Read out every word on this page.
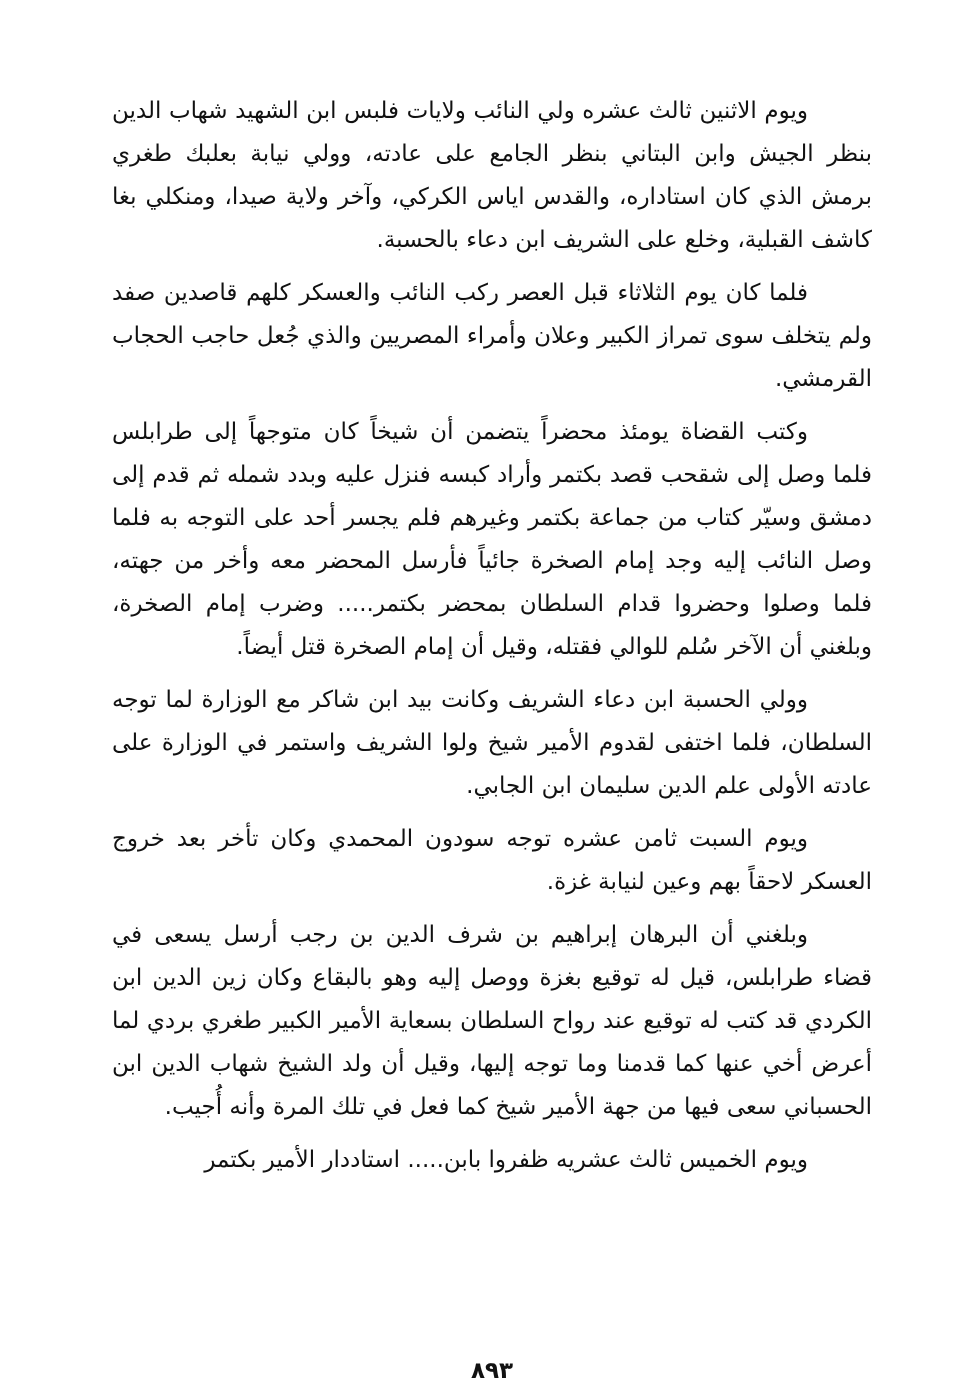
ويوم الاثنين ثالث عشره ولي النائب ولايات فلبس ابن الشهيد شهاب الدين بنظر الجيش وابن البتاني بنظر الجامع على عادته، وولي نيابة بعلبك طغري برمش الذي كان استاداره، والقدس اياس الكركي، وآخر ولاية صيدا، ومنكلي بغا كاشف القبلية، وخلع على الشريف ابن دعاء بالحسبة.

فلما كان يوم الثلاثاء قبل العصر ركب النائب والعسكر كلهم قاصدين صفد ولم يتخلف سوى تمراز الكبير وعلان وأمراء المصريين والذي جُعل حاجب الحجاب القرمشي.

وكتب القضاة يومئذ محضراً يتضمن أن شيخاً كان متوجهاً إلى طرابلس فلما وصل إلى شقحب قصد بكتمر وأراد كبسه فنزل عليه وبدد شمله ثم قدم إلى دمشق وسيّر كتاب من جماعة بكتمر وغيرهم فلم يجسر أحد على التوجه به فلما وصل النائب إليه وجد إمام الصخرة جائياً فأرسل المحضر معه وأخر من جهته، فلما وصلوا وحضروا قدام السلطان بمحضر بكتمر..... وضرب إمام الصخرة، وبلغني أن الآخر سُلم للوالي فقتله، وقيل أن إمام الصخرة قتل أيضاً.

وولي الحسبة ابن دعاء الشريف وكانت بيد ابن شاكر مع الوزارة لما توجه السلطان، فلما اختفى لقدوم الأمير شيخ ولوا الشريف واستمر في الوزارة على عادته الأولى علم الدين سليمان ابن الجابي.

ويوم السبت ثامن عشره توجه سودون المحمدي وكان تأخر بعد خروج العسكر لاحقاً بهم وعين لنيابة غزة.

وبلغني أن البرهان إبراهيم بن شرف الدين بن رجب أرسل يسعى في قضاء طرابلس، قيل له توقيع بغزة ووصل إليه وهو بالبقاع وكان زين الدين ابن الكردي قد كتب له توقيع عند رواح السلطان بسعاية الأمير الكبير طغري بردي لما أعرض أخي عنها كما قدمنا وما توجه إليها، وقيل أن ولد الشيخ شهاب الدين ابن الحسباني سعى فيها من جهة الأمير شيخ كما فعل في تلك المرة وأنه أُجيب.

ويوم الخميس ثالث عشريه ظفروا بابن..... استاددار الأمير بكتمر

٨٩٣
